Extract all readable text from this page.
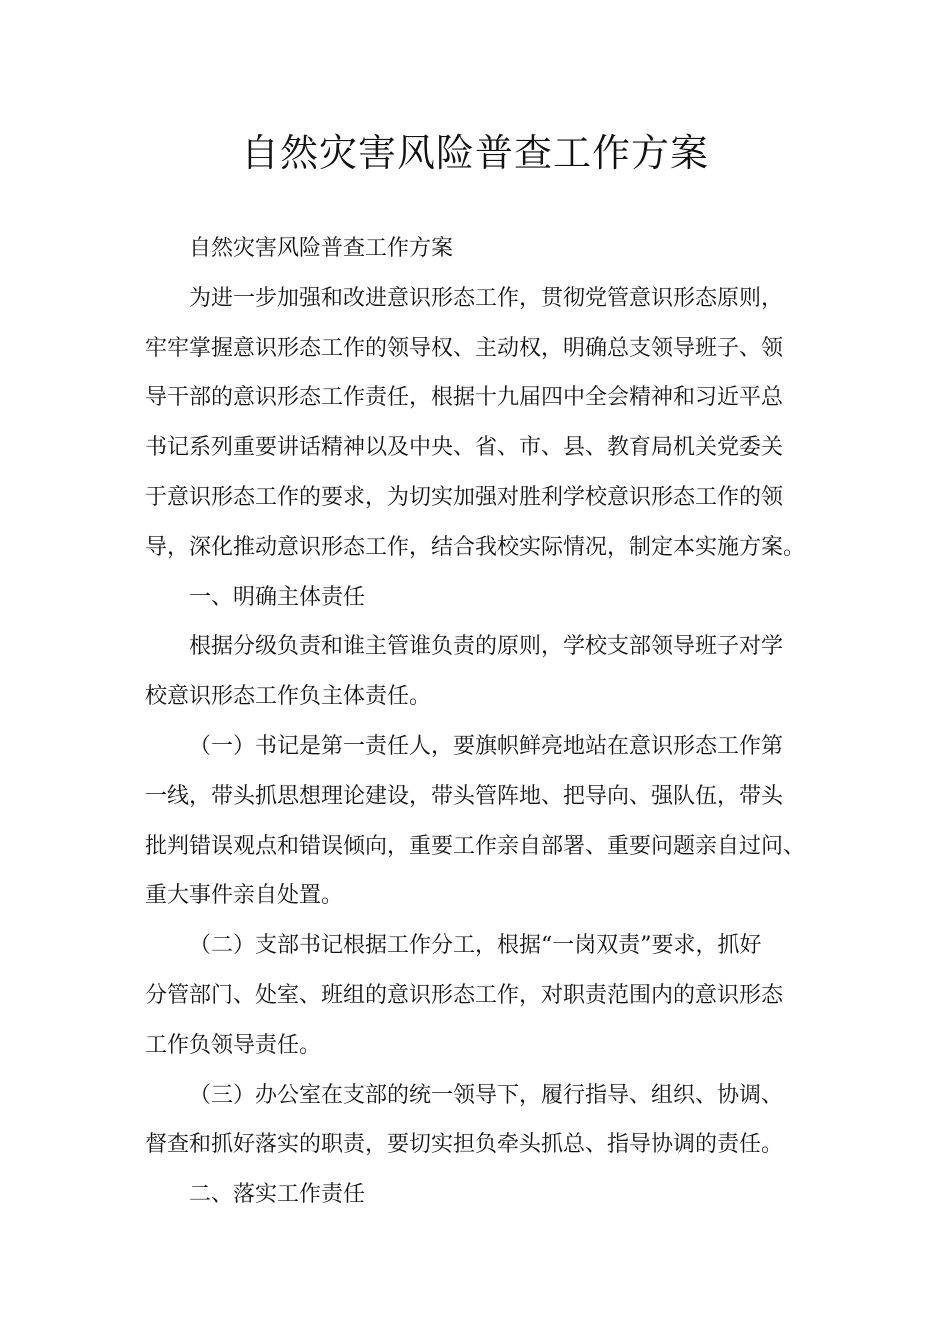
自然灾害风险普查工作方案
自然灾害风险普查工作方案
为进一步加强和改进意识形态工作，贯彻党管意识形态原则，
牢牢掌握意识形态工作的领导权、主动权，明确总支领导班子、领
导干部的意识形态工作责任，根据十九届四中全会精神和习近平总
书记系列重要讲话精神以及中央、省、市、县、教育局机关党委关
于意识形态工作的要求，为切实加强对胜利学校意识形态工作的领
导，深化推动意识形态工作，结合我校实际情况，制定本实施方案。
一、明确主体责任
根据分级负责和谁主管谁负责的原则，学校支部领导班子对学
校意识形态工作负主体责任。
（一）书记是第一责任人，要旗帜鲜亮地站在意识形态工作第
一线，带头抓思想理论建设，带头管阵地、把导向、强队伍，带头
批判错误观点和错误倾向，重要工作亲自部署、重要问题亲自过问、
重大事件亲自处置。
（二）支部书记根据工作分工，根据“一岗双责”要求，抓好
分管部门、处室、班组的意识形态工作，对职责范围内的意识形态
工作负领导责任。
（三）办公室在支部的统一领导下，履行指导、组织、协调、
督查和抓好落实的职责，要切实担负牵头抓总、指导协调的责任。
二、落实工作责任
